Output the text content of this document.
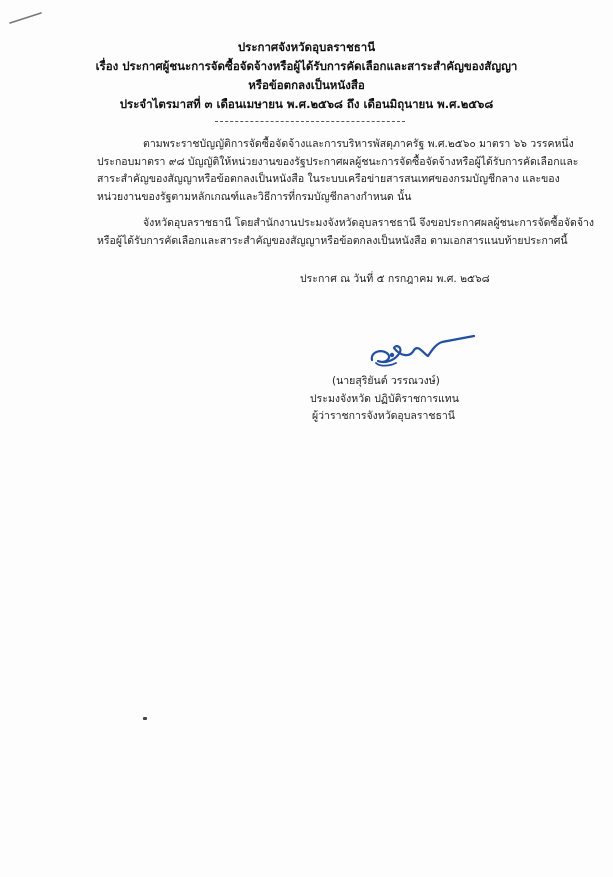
ประกาศจังหวัดอุบลราชธานี
เรื่อง ประกาศผู้ชนะการจัดซื้อจัดจ้างหรือผู้ได้รับการคัดเลือกและสาระสำคัญของสัญญา
หรือข้อตกลงเป็นหนังสือ
ประจำไตรมาสที่ ๓ เดือนเมษายน พ.ศ.๒๕๖๘ ถึง เดือนมิถุนายน พ.ศ.๒๕๖๘

ตามพระราชบัญญัติการจัดซื้อจัดจ้างและการบริหารพัสดุภาครัฐ พ.ศ.๒๕๖๐ มาตรา ๖๖ วรรคหนึ่ง
ประกอบมาตรา ๙๘ บัญญัติให้หน่วยงานของรัฐประกาศผลผู้ชนะการจัดซื้อจัดจ้างหรือผู้ได้รับการคัดเลือกและ
สาระสำคัญของสัญญาหรือข้อตกลงเป็นหนังสือ ในระบบเครือข่ายสารสนเทศของกรมบัญชีกลาง และของ
หน่วยงานของรัฐตามหลักเกณฑ์และวิธีการที่กรมบัญชีกลางกำหนด นั้น

จังหวัดอุบลราชธานี โดยสำนักงานประมงจังหวัดอุบลราชธานี จึงขอประกาศผลผู้ชนะการจัดซื้อจัดจ้าง
หรือผู้ได้รับการคัดเลือกและสาระสำคัญของสัญญาหรือข้อตกลงเป็นหนังสือ ตามเอกสารแนบท้ายประกาศนี้

ประกาศ ณ วันที่ ๕ กรกฎาคม พ.ศ. ๒๕๖๘
(นายสุริยันต์ วรรณวงษ์)
ประมงจังหวัด ปฏิบัติราชการแทน
ผู้ว่าราชการจังหวัดอุบลราชธานี
